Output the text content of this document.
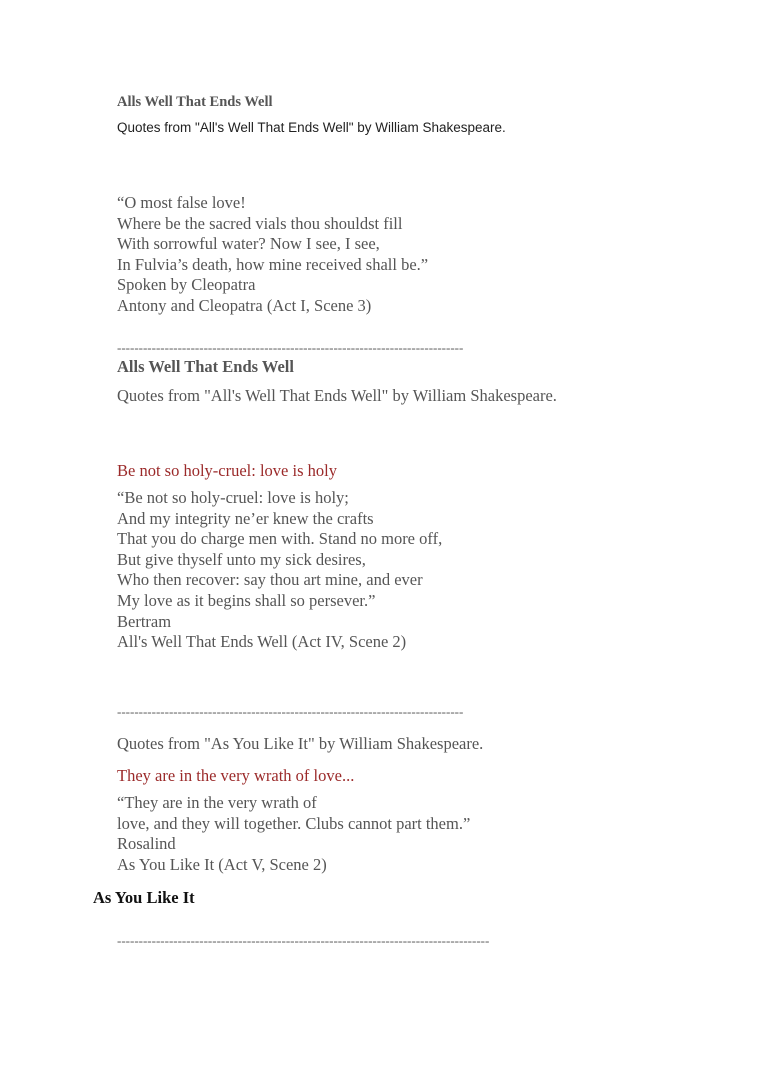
Alls Well That Ends Well
Quotes from "All's Well That Ends Well" by William Shakespeare.
“O most false love!
Where be the sacred vials thou shouldst fill
With sorrowful water? Now I see, I see,
In Fulvia’s death, how mine received shall be.”
Spoken by Cleopatra
Antony and Cleopatra (Act I, Scene 3)
--------------------------------------------------------------------------------
Alls Well That Ends Well
Quotes from "All's Well That Ends Well" by William Shakespeare.
Be not so holy-cruel: love is holy
“Be not so holy-cruel: love is holy;
And my integrity ne’er knew the crafts
That you do charge men with. Stand no more off,
But give thyself unto my sick desires,
Who then recover: say thou art mine, and ever
My love as it begins shall so persever.”
Bertram
All's Well That Ends Well (Act IV, Scene 2)
--------------------------------------------------------------------------------
Quotes from "As You Like It" by William Shakespeare.
They are in the very wrath of love...
“They are in the very wrath of
love, and they will together. Clubs cannot part them.”
Rosalind
As You Like It (Act V, Scene 2)
As You Like It
--------------------------------------------------------------------------------------
